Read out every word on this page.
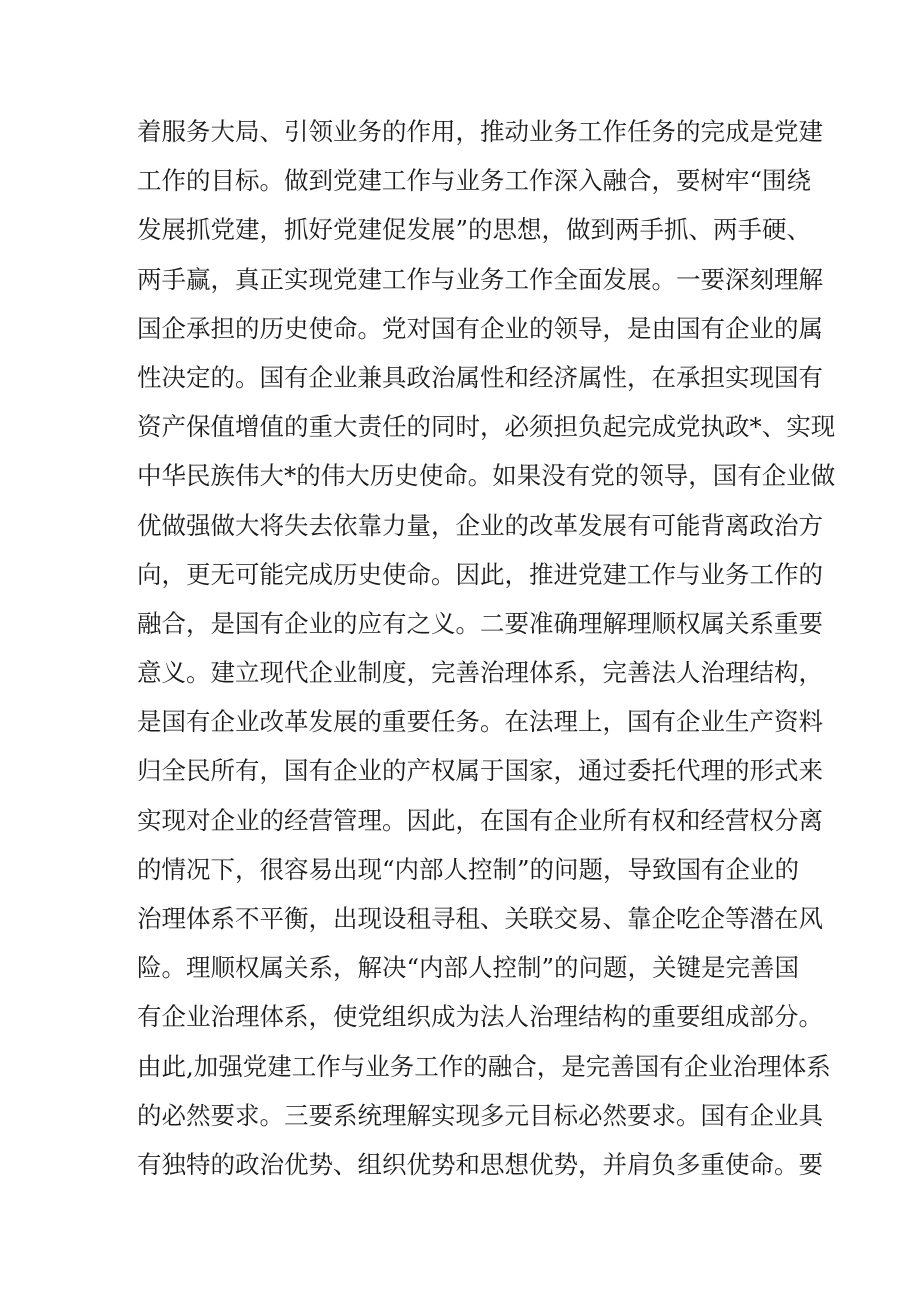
着服务大局、引领业务的作用，推动业务工作任务的完成是党建
工作的目标。做到党建工作与业务工作深入融合，要树牢“围绕
发展抓党建，抓好党建促发展”的思想，做到两手抓、两手硬、
两手赢，真正实现党建工作与业务工作全面发展。一要深刻理解
国企承担的历史使命。党对国有企业的领导，是由国有企业的属
性决定的。国有企业兼具政治属性和经济属性，在承担实现国有
资产保值增值的重大责任的同时，必须担负起完成党执政*、实现
中华民族伟大*的伟大历史使命。如果没有党的领导，国有企业做
优做强做大将失去依靠力量，企业的改革发展有可能背离政治方
向，更无可能完成历史使命。因此，推进党建工作与业务工作的
融合，是国有企业的应有之义。二要准确理解理顺权属关系重要
意义。建立现代企业制度，完善治理体系，完善法人治理结构，
是国有企业改革发展的重要任务。在法理上，国有企业生产资料
归全民所有，国有企业的产权属于国家，通过委托代理的形式来
实现对企业的经营管理。因此，在国有企业所有权和经营权分离
的情况下，很容易出现“内部人控制”的问题，导致国有企业的
治理体系不平衡，出现设租寻租、关联交易、靠企吃企等潜在风
险。理顺权属关系，解决“内部人控制”的问题，关键是完善国
有企业治理体系，使党组织成为法人治理结构的重要组成部分。
由此,加强党建工作与业务工作的融合，是完善国有企业治理体系
的必然要求。三要系统理解实现多元目标必然要求。国有企业具
有独特的政治优势、组织优势和思想优势，并肩负多重使命。要
